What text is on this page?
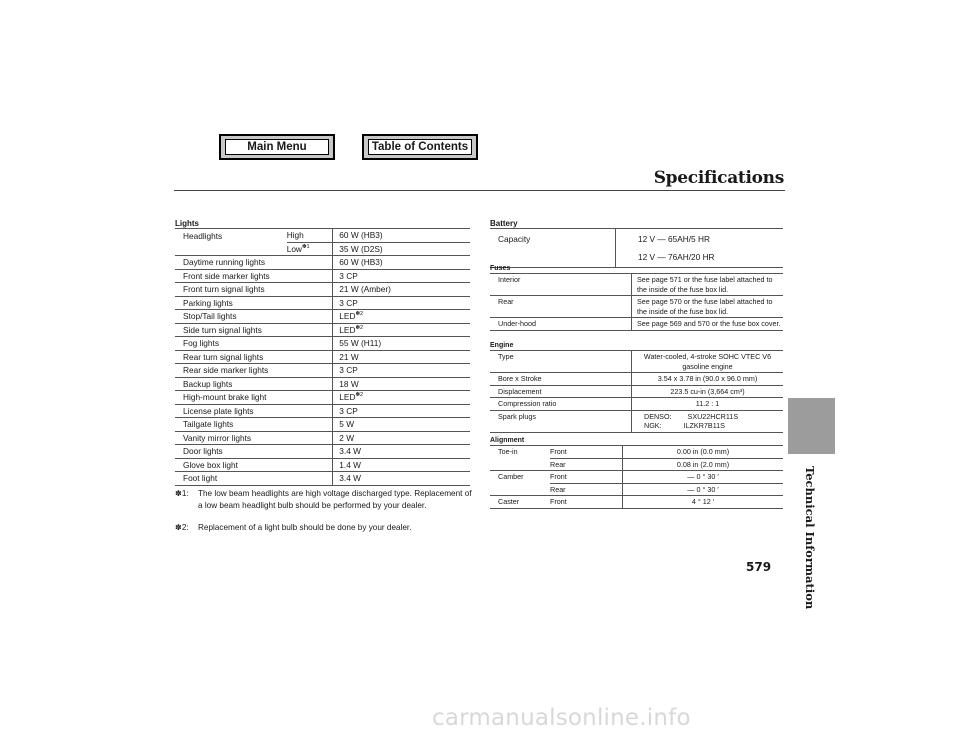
Main Menu	Table of Contents
Specifications
Technical Information
579
Lights
Headlights	High	60 W (HB3)
	Low$^{✽1}$	35 W (D2S)
Daytime running lights		60 W (HB3)
Front side marker lights		3 CP
Front turn signal lights		21 W (Amber)
Parking lights		3 CP
Stop/Tail lights		$LED^{✽2}$
Side turn signal lights		$LED^{✽2}$
Fog lights		55 W (H11)
Rear turn signal lights		21 W
Rear side marker lights		3 CP
Backup lights		18 W
High-mount brake light		$LED^{✽2}$
License plate lights		3 CP
Tailgate lights		5 W
Vanity mirror lights		2 W
Door lights		3.4 W
Glove box light		1.4 W
Foot light		3.4 W
✽1: The low beam headlights are high voltage discharged type. Replacement of a low beam headlight bulb should be performed by your dealer.
✽2: Replacement of a light bulb should be done by your dealer.
Battery
Capacity	12 V — 65AH/5 HR
12 V — 76AH/20 HR
Fuses
Interior	See page 571 or the fuse label attached to the inside of the fuse box lid.
Rear	See page 570 or the fuse label attached to the inside of the fuse box lid.
Under-hood	See page 569 and 570 or the fuse box cover.
Engine
Type	Water-cooled, 4-stroke SOHC VTEC V6 gasoline engine
Bore x Stroke	3.54 x 3.78 in (90.0 x 96.0 mm)
Displacement	223.5 cu-in (3,664 cm³)
Compression ratio	11.2 : 1
Spark plugs	DENSO:        SXU22HCR11S
NGK:           ILZKR7B11S
Alignment
Toe-in	Front	0.00 in (0.0 mm)
	Rear	0.08 in (2.0 mm)
Camber	Front	— 0 ° 30 ′
	Rear	— 0 ° 30 ′
Caster	Front	4 ° 12 ′
carmanualsonline.info
